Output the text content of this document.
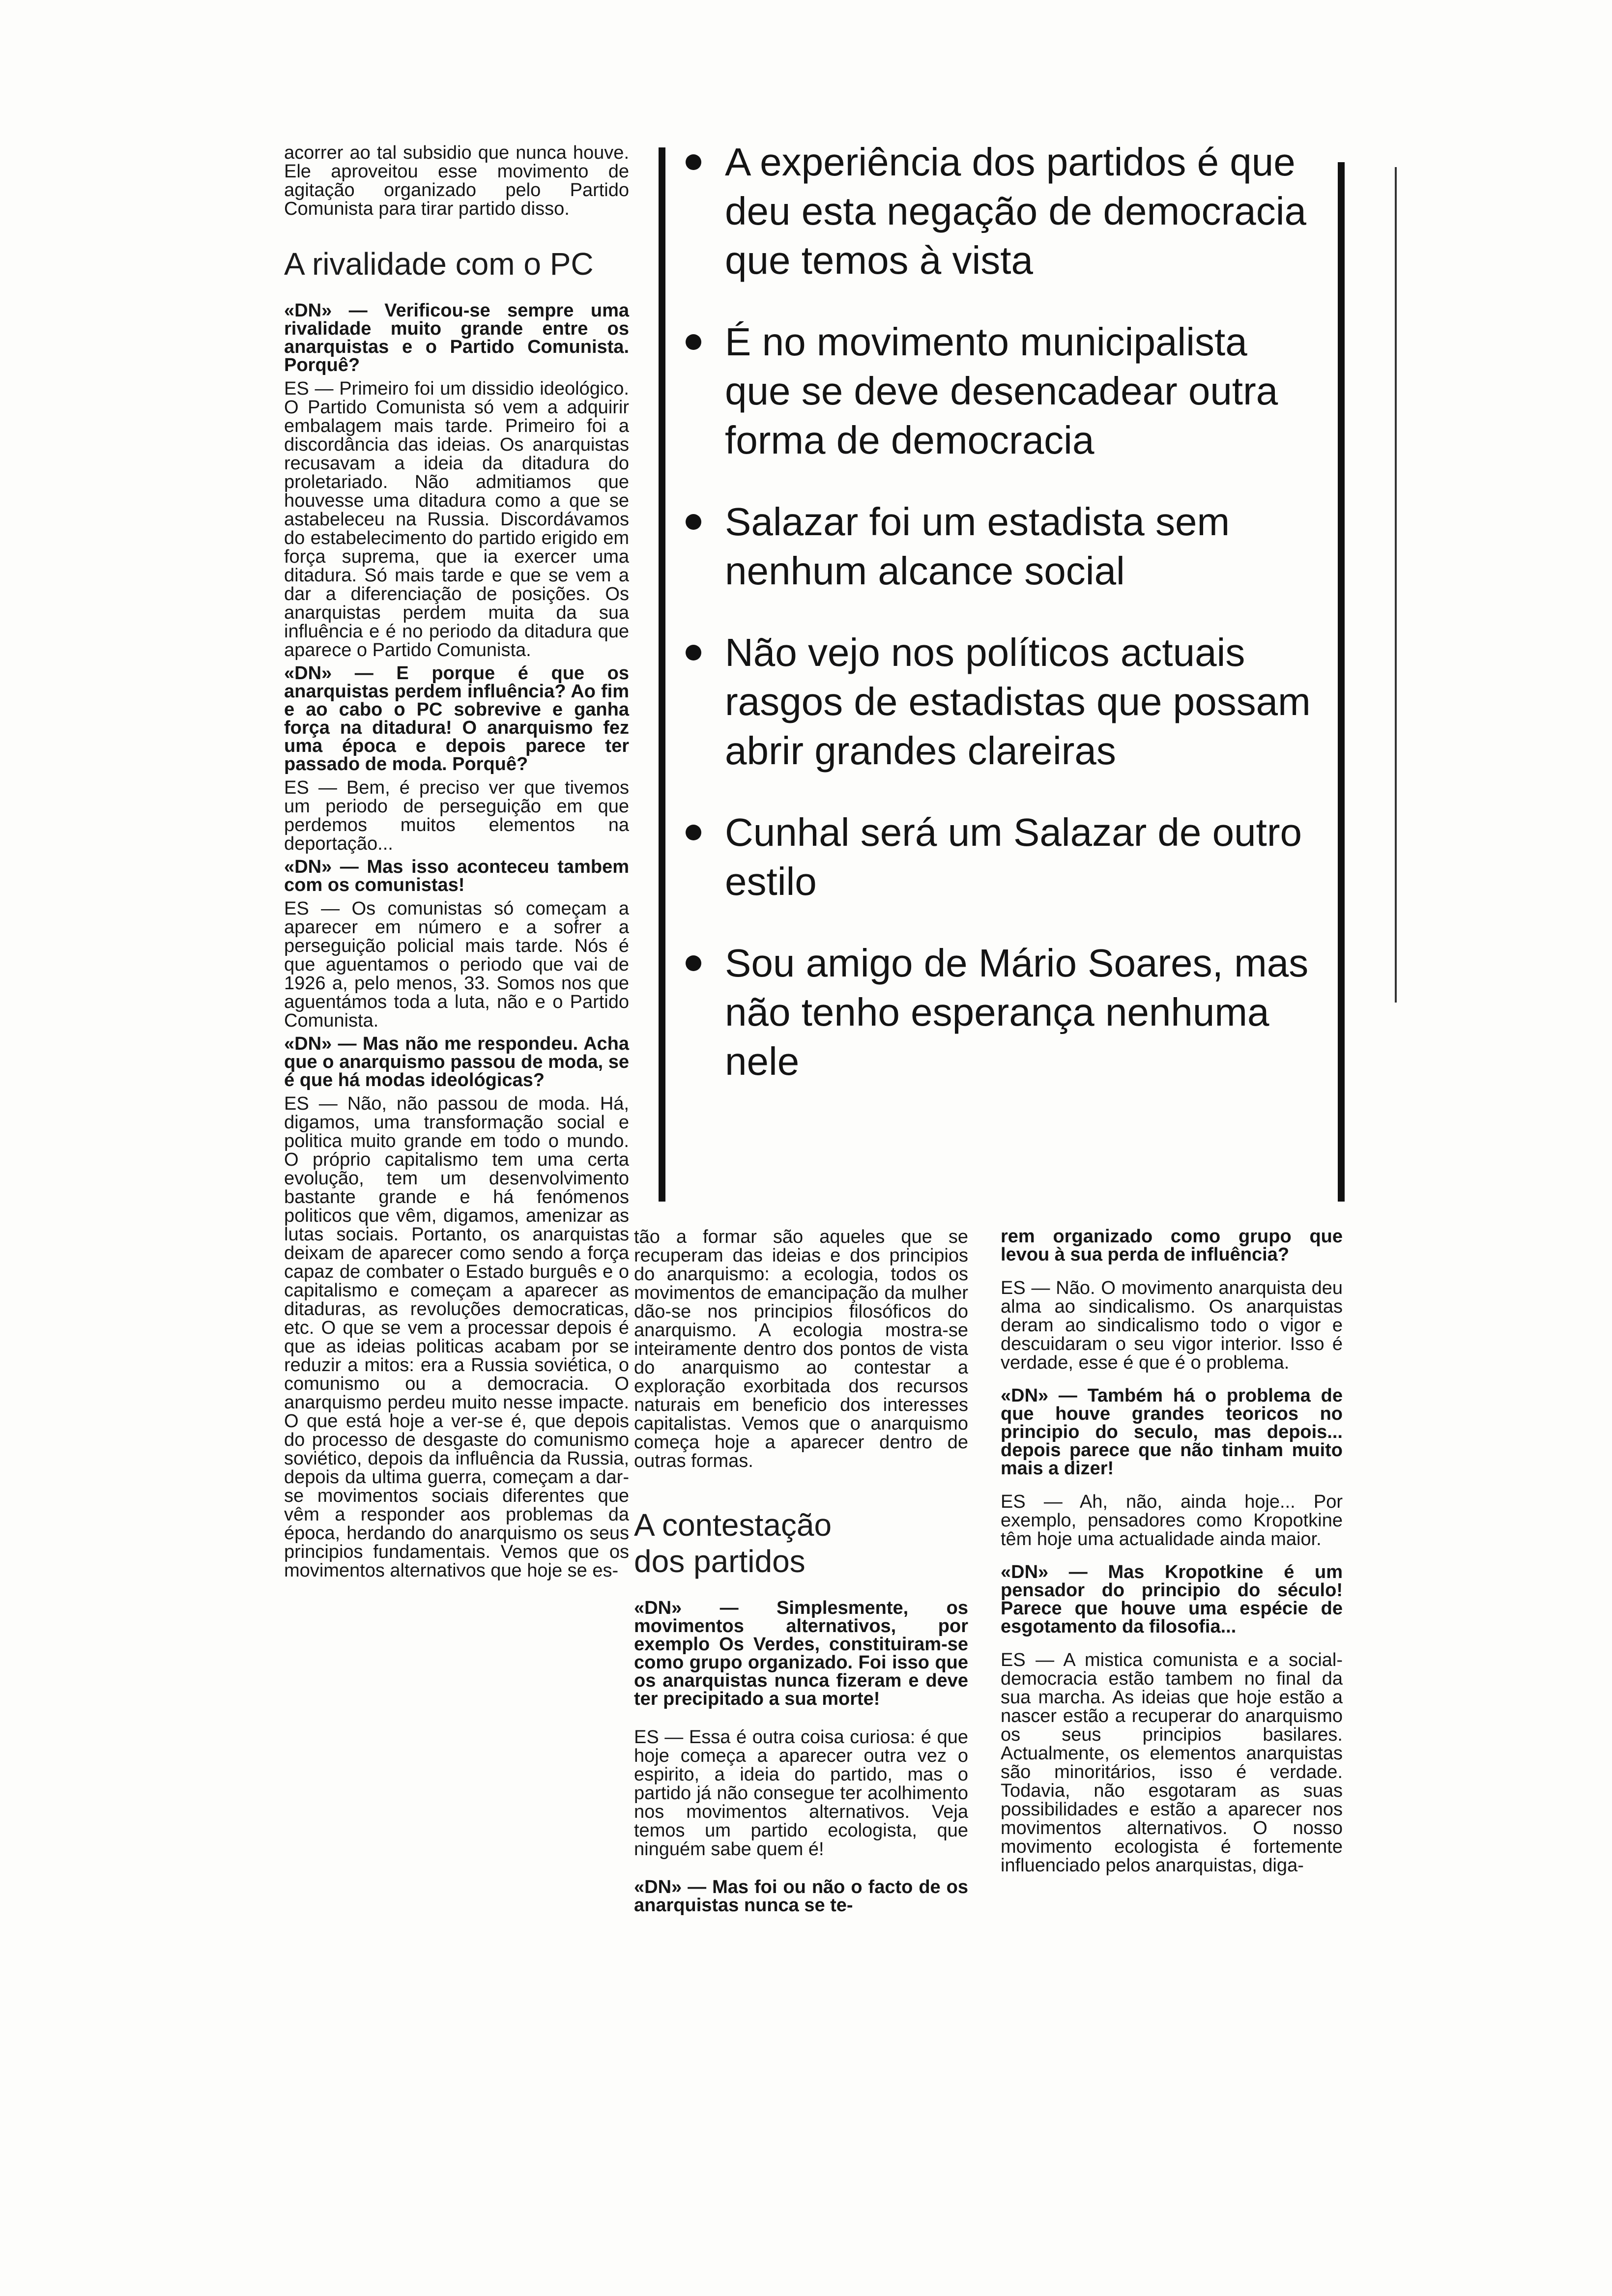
acorrer ao tal subsidio que nunca houve. Ele aproveitou esse movimento de agitação organizado pelo Partido Comunista para tirar partido disso.

A rivalidade com o PC

«DN» — Verificou-se sempre uma rivalidade muito grande entre os anarquistas e o Partido Comunista. Porquê?

ES — Primeiro foi um dissidio ideológico. O Partido Comunista só vem a adquirir embalagem mais tarde. Primeiro foi a discordância das ideias. Os anarquistas recusavam a ideia da ditadura do proletariado. Não admitiamos que houvesse uma ditadura como a que se astabeleceu na Russia. Discordávamos do estabelecimento do partido erigido em força suprema, que ia exercer uma ditadura. Só mais tarde e que se vem a dar a diferenciação de posições. Os anarquistas perdem muita da sua influência e é no periodo da ditadura que aparece o Partido Comunista.

«DN» — E porque é que os anarquistas perdem influência? Ao fim e ao cabo o PC sobrevive e ganha força na ditadura! O anarquismo fez uma época e depois parece ter passado de moda. Porquê?

ES — Bem, é preciso ver que tivemos um periodo de perseguição em que perdemos muitos elementos na deportação...

«DN» — Mas isso aconteceu tambem com os comunistas!

ES — Os comunistas só começam a aparecer em número e a sofrer a perseguição policial mais tarde. Nós é que aguentamos o periodo que vai de 1926 a, pelo menos, 33. Somos nos que aguentámos toda a luta, não e o Partido Comunista.

«DN» — Mas não me respondeu. Acha que o anarquismo passou de moda, se é que há modas ideológicas?

ES — Não, não passou de moda. Há, digamos, uma transformação social e politica muito grande em todo o mundo. O próprio capitalismo tem uma certa evolução, tem um desenvolvimento bastante grande e há fenómenos politicos que vêm, digamos, amenizar as lutas sociais. Portanto, os anarquistas deixam de aparecer como sendo a força capaz de combater o Estado burguês e o capitalismo e começam a aparecer as ditaduras, as revoluções democraticas, etc. O que se vem a processar depois é que as ideias politicas acabam por se reduzir a mitos: era a Russia soviética, o comunismo ou a democracia. O anarquismo perdeu muito nesse impacte. O que está hoje a ver-se é, que depois do processo de desgaste do comunismo soviético, depois da influência da Russia, depois da ultima guerra, começam a dar-se movimentos sociais diferentes que vêm a responder aos problemas da época, herdando do anarquismo os seus principios fundamentais. Vemos que os movimentos alternativos que hoje se es-

A experiência dos partidos é que deu esta negação de democracia que temos à vista

É no movimento municipalista que se deve desencadear outra forma de democracia

Salazar foi um estadista sem nenhum alcance social

Não vejo nos políticos actuais rasgos de estadistas que possam abrir grandes clareiras

Cunhal será um Salazar de outro estilo

Sou amigo de Mário Soares, mas não tenho esperança nenhuma nele

tão a formar são aqueles que se recuperam das ideias e dos principios do anarquismo: a ecologia, todos os movimentos de emancipação da mulher dão-se nos principios filosóficos do anarquismo. A ecologia mostra-se inteiramente dentro dos pontos de vista do anarquismo ao contestar a exploração exorbitada dos recursos naturais em beneficio dos interesses capitalistas. Vemos que o anarquismo começa hoje a aparecer dentro de outras formas.

A contestação dos partidos

«DN» — Simplesmente, os movimentos alternativos, por exemplo Os Verdes, constituiram-se como grupo organizado. Foi isso que os anarquistas nunca fizeram e deve ter precipitado a sua morte!

ES — Essa é outra coisa curiosa: é que hoje começa a aparecer outra vez o espirito, a ideia do partido, mas o partido já não consegue ter acolhimento nos movimentos alternativos. Veja temos um partido ecologista, que ninguém sabe quem é!

«DN» — Mas foi ou não o facto de os anarquistas nunca se te-

rem organizado como grupo que levou à sua perda de influência?

ES — Não. O movimento anarquista deu alma ao sindicalismo. Os anarquistas deram ao sindicalismo todo o vigor e descuidaram o seu vigor interior. Isso é verdade, esse é que é o problema.

«DN» — Também há o problema de que houve grandes teoricos no principio do seculo, mas depois... depois parece que não tinham muito mais a dizer!

ES — Ah, não, ainda hoje... Por exemplo, pensadores como Kropotkine têm hoje uma actualidade ainda maior.

«DN» — Mas Kropotkine é um pensador do principio do século! Parece que houve uma espécie de esgotamento da filosofia...

ES — A mistica comunista e a social-democracia estão tambem no final da sua marcha. As ideias que hoje estão a nascer estão a recuperar do anarquismo os seus principios basilares. Actualmente, os elementos anarquistas são minoritários, isso é verdade. Todavia, não esgotaram as suas possibilidades e estão a aparecer nos movimentos alternativos. O nosso movimento ecologista é fortemente influenciado pelos anarquistas, diga-
